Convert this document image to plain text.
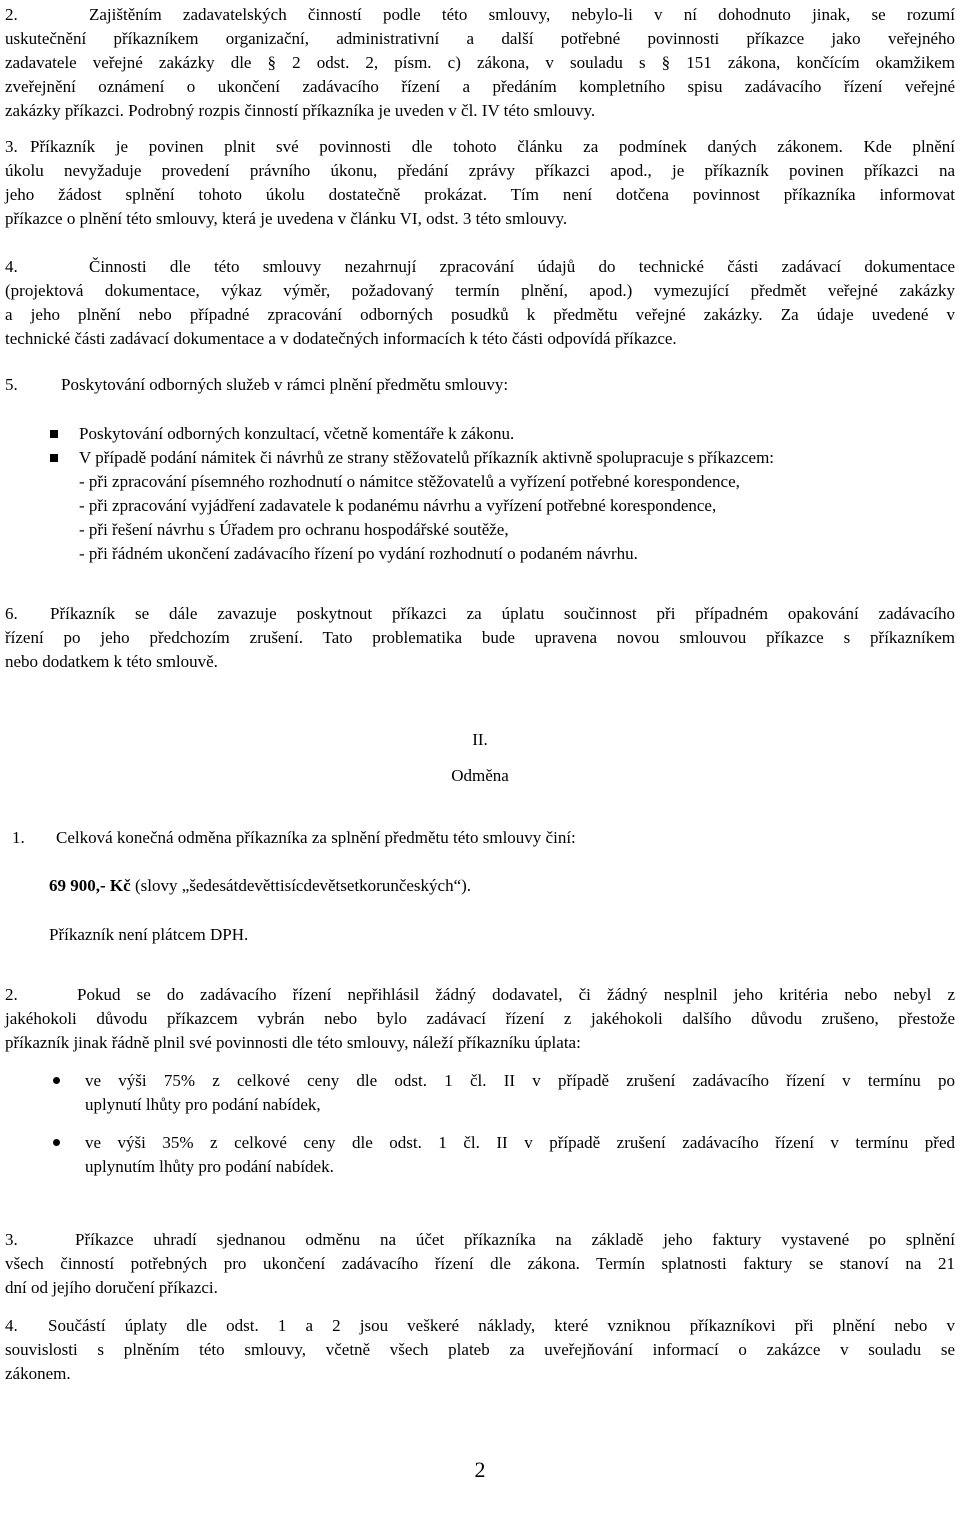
2.	Zajištěním zadavatelských činností podle této smlouvy, nebylo-li v ní dohodnuto jinak, se rozumí

uskutečnění příkazníkem organizační, administrativní a další potřebné povinnosti příkazce jako veřejného

zadavatele veřejné zakázky dle § 2 odst. 2, písm. c) zákona, v souladu s § 151 zákona, končícím okamžikem

zveřejnění oznámení o ukončení zadávacího řízení a předáním kompletního spisu zadávacího řízení veřejné

zakázky příkazci. Podrobný rozpis činností příkazníka je uveden v čl. IV této smlouvy.

3. Příkazník je povinen plnit své povinnosti dle tohoto článku za podmínek daných zákonem. Kde plnění

úkolu nevyžaduje provedení právního úkonu, předání zprávy příkazci apod., je příkazník povinen příkazci na

jeho žádost splnění tohoto úkolu dostatečně prokázat. Tím není dotčena povinnost příkazníka informovat

příkazce o plnění této smlouvy, která je uvedena v článku VI, odst. 3 této smlouvy.

4.	Činnosti dle této smlouvy nezahrnují zpracování údajů do technické části zadávací dokumentace

(projektová dokumentace, výkaz výměr, požadovaný termín plnění, apod.) vymezující předmět veřejné zakázky

a jeho plnění nebo případné zpracování odborných posudků k předmětu veřejné zakázky. Za údaje uvedené v

technické části zadávací dokumentace a v dodatečných informacích k této části odpovídá příkazce.

5.	Poskytování odborných služeb v rámci plnění předmětu smlouvy:

Poskytování odborných konzultací, včetně komentáře k zákonu.

V případě podání námitek či návrhů ze strany stěžovatelů příkazník aktivně spolupracuje s příkazcem:

- při zpracování písemného rozhodnutí o námitce stěžovatelů a vyřízení potřebné korespondence,

- při zpracování vyjádření zadavatele k podanému návrhu a vyřízení potřebné korespondence,

- při řešení návrhu s Úřadem pro ochranu hospodářské soutěže,

- při řádném ukončení zadávacího řízení po vydání rozhodnutí o podaném návrhu.

6. Příkazník se dále zavazuje poskytnout příkazci za úplatu součinnost při případném opakování zadávacího

řízení po jeho předchozím zrušení. Tato problematika bude upravena novou smlouvou příkazce s příkazníkem

nebo dodatkem k této smlouvě.

II.

Odměna

1. Celková konečná odměna příkazníka za splnění předmětu této smlouvy činí:

69 900,- Kč (slovy „šedesátdevěttisícdevětsetkorunčeských“).

Příkazník není plátcem DPH.

2.	Pokud se do zadávacího řízení nepřihlásil žádný dodavatel, či žádný nesplnil jeho kritéria nebo nebyl z

jakéhokoli důvodu příkazcem vybrán nebo bylo zadávací řízení z jakéhokoli dalšího důvodu zrušeno, přestože

příkazník jinak řádně plnil své povinnosti dle této smlouvy, náleží příkazníku úplata:

ve výši 75% z celkové ceny dle odst. 1 čl. II v případě zrušení zadávacího řízení v termínu po

uplynutí lhůty pro podání nabídek,

ve výši 35% z celkové ceny dle odst. 1 čl. II v případě zrušení zadávacího řízení v termínu před

uplynutím lhůty pro podání nabídek.

3.	Příkazce uhradí sjednanou odměnu na účet příkazníka na základě jeho faktury vystavené po splnění

všech činností potřebných pro ukončení zadávacího řízení dle zákona. Termín splatnosti faktury se stanoví na 21

dní od jejího doručení příkazci.

4. Součástí úplaty dle odst. 1 a 2 jsou veškeré náklady, které vzniknou příkazníkovi při plnění nebo v

souvislosti s plněním této smlouvy, včetně všech plateb za uveřejňování informací o zakázce v souladu se

zákonem.

2
